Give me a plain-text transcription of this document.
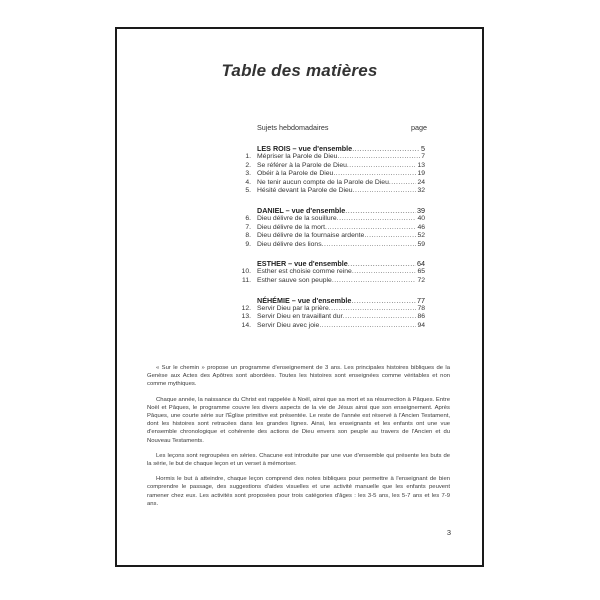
Table des matières
Sujets hebdomadaires	page
LES ROIS – vue d'ensemble .....	5
1. Mépriser la Parole de Dieu .....	7
2. Se référer à la Parole de Dieu .....	13
3. Obéir à la Parole de Dieu .....	19
4. Ne tenir aucun compte de la Parole de Dieu .....	24
5. Hésité devant la Parole de Dieu .....	32
DANIEL – vue d'ensemble .....	39
6. Dieu délivre de la souillure .....	40
7. Dieu délivre de la mort .....	46
8. Dieu délivre de la fournaise ardente .....	52
9. Dieu délivre des lions .....	59
ESTHER – vue d'ensemble .....	64
10. Esther est choisie comme reine .....	65
11. Esther sauve son peuple .....	72
NÉHÉMIE – vue d'ensemble .....	77
12. Servir Dieu par la prière .....	78
13. Servir Dieu en travaillant dur .....	86
14. Servir Dieu avec joie .....	94

« Sur le chemin » propose un programme d'enseignement de 3 ans. Les principales histoires bibliques de la Genèse aux Actes des Apôtres sont abordées. Toutes les histoires sont enseignées comme véritables et non comme mythiques.

Chaque année, la naissance du Christ est rappelée à Noël, ainsi que sa mort et sa résurrection à Pâques. Entre Noël et Pâques, le programme couvre les divers aspects de la vie de Jésus ainsi que son enseignement. Après Pâques, une courte série sur l'Église primitive est présentée. Le reste de l'année est réservé à l'Ancien Testament, dont les histoires sont retracées dans les grandes lignes. Ainsi, les enseignants et les enfants ont une vue d'ensemble chronologique et cohérente des actions de Dieu envers son peuple au travers de l'Ancien et du Nouveau Testaments.

Les leçons sont regroupées en séries. Chacune est introduite par une vue d'ensemble qui présente les buts de la série, le but de chaque leçon et un verset à mémoriser.

Hormis le but à atteindre, chaque leçon comprend des notes bibliques pour permettre à l'enseignant de bien comprendre le passage, des suggestions d'aides visuelles et une activité manuelle que les enfants peuvent ramener chez eux. Les activités sont proposées pour trois catégories d'âges : les 3-5 ans, les 5-7 ans et les 7-9 ans.

3
